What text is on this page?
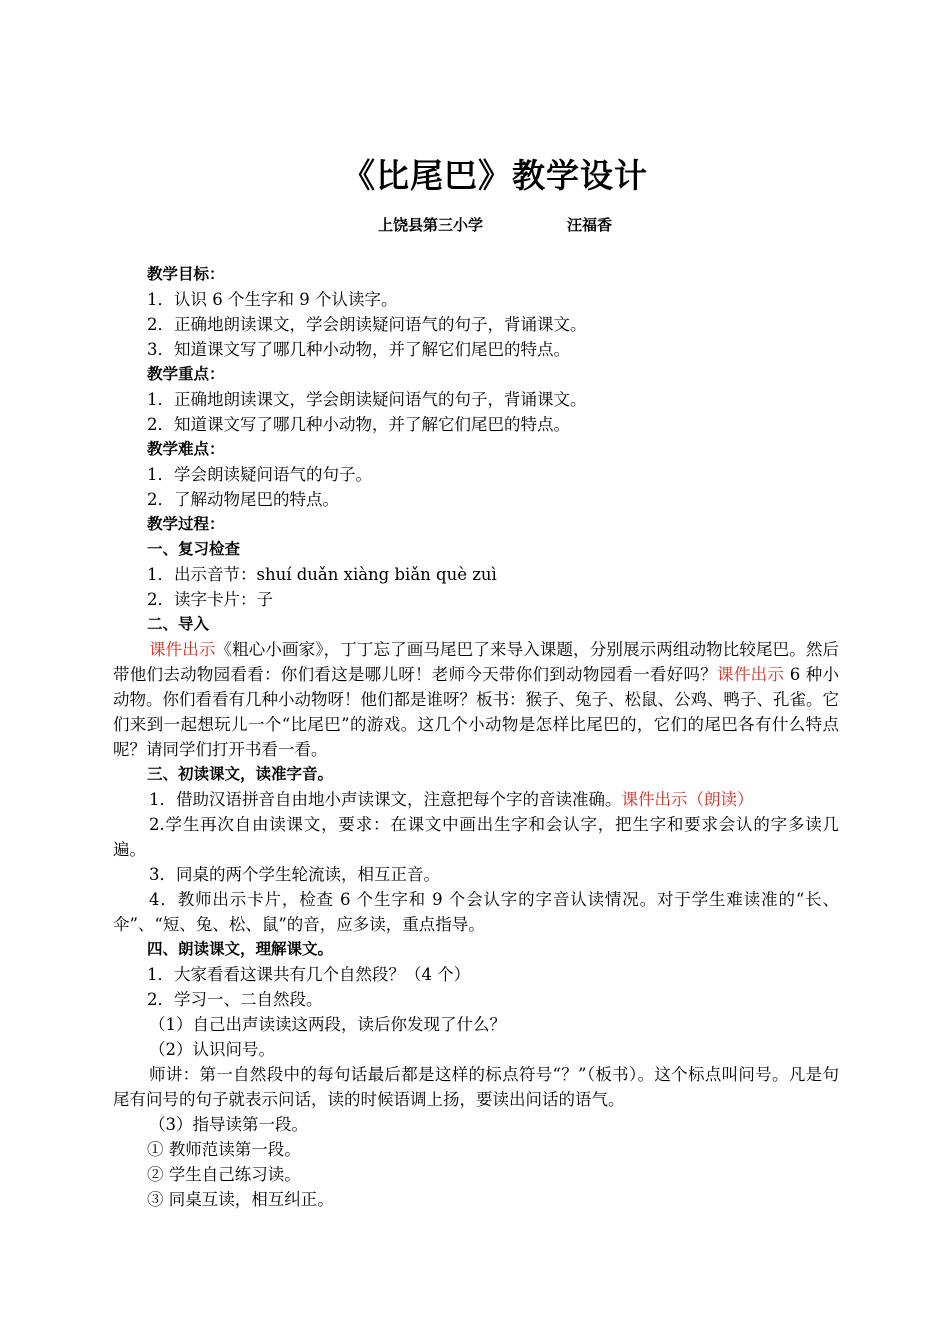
《比尾巴》教学设计
上饶县第三小学	汪福香

教学目标：

1．认识 6 个生字和 9 个认读字。

2．正确地朗读课文，学会朗读疑问语气的句子，背诵课文。

3．知道课文写了哪几种小动物，并了解它们尾巴的特点。

教学重点：

1．正确地朗读课文，学会朗读疑问语气的句子，背诵课文。

2．知道课文写了哪几种小动物，并了解它们尾巴的特点。

教学难点：

1．学会朗读疑问语气的句子。

2．了解动物尾巴的特点。

教学过程：

一、复习检查

1．出示音节：shuí duǎn xiàng biǎn què zuì

2．读字卡片：子

二、导入

课件出示《粗心小画家》，丁丁忘了画马尾巴了来导入课题，分别展示两组动物比较尾巴。然后带他们去动物园看看：你们看这是哪儿呀！老师今天带你们到动物园看一看好吗？课件出示 6 种小动物。你们看看有几种小动物呀！他们都是谁呀？板书：猴子、兔子、松鼠、公鸡、鸭子、孔雀。它们来到一起想玩儿一个“比尾巴”的游戏。这几个小动物是怎样比尾巴的，它们的尾巴各有什么特点呢？请同学们打开书看一看。

三、初读课文，读准字音。

1．借助汉语拼音自由地小声读课文，注意把每个字的音读准确。课件出示（朗读）

2.学生再次自由读课文，要求：在课文中画出生字和会认字，把生字和要求会认的字多读几遍。

3．同桌的两个学生轮流读，相互正音。

4．教师出示卡片，检查 6 个生字和 9 个会认字的字音认读情况。对于学生难读准的“长、伞”、“短、兔、松、鼠”的音，应多读，重点指导。

四、朗读课文，理解课文。

1．大家看看这课共有几个自然段？（4 个）

2．学习一、二自然段。

（1）自己出声读读这两段，读后你发现了什么？

（2）认识问号。

师讲：第一自然段中的每句话最后都是这样的标点符号“？”（板书）。这个标点叫问号。凡是句尾有问号的句子就表示问话，读的时候语调上扬，要读出问话的语气。

（3）指导读第一段。

① 教师范读第一段。

② 学生自己练习读。

③ 同桌互读，相互纠正。
